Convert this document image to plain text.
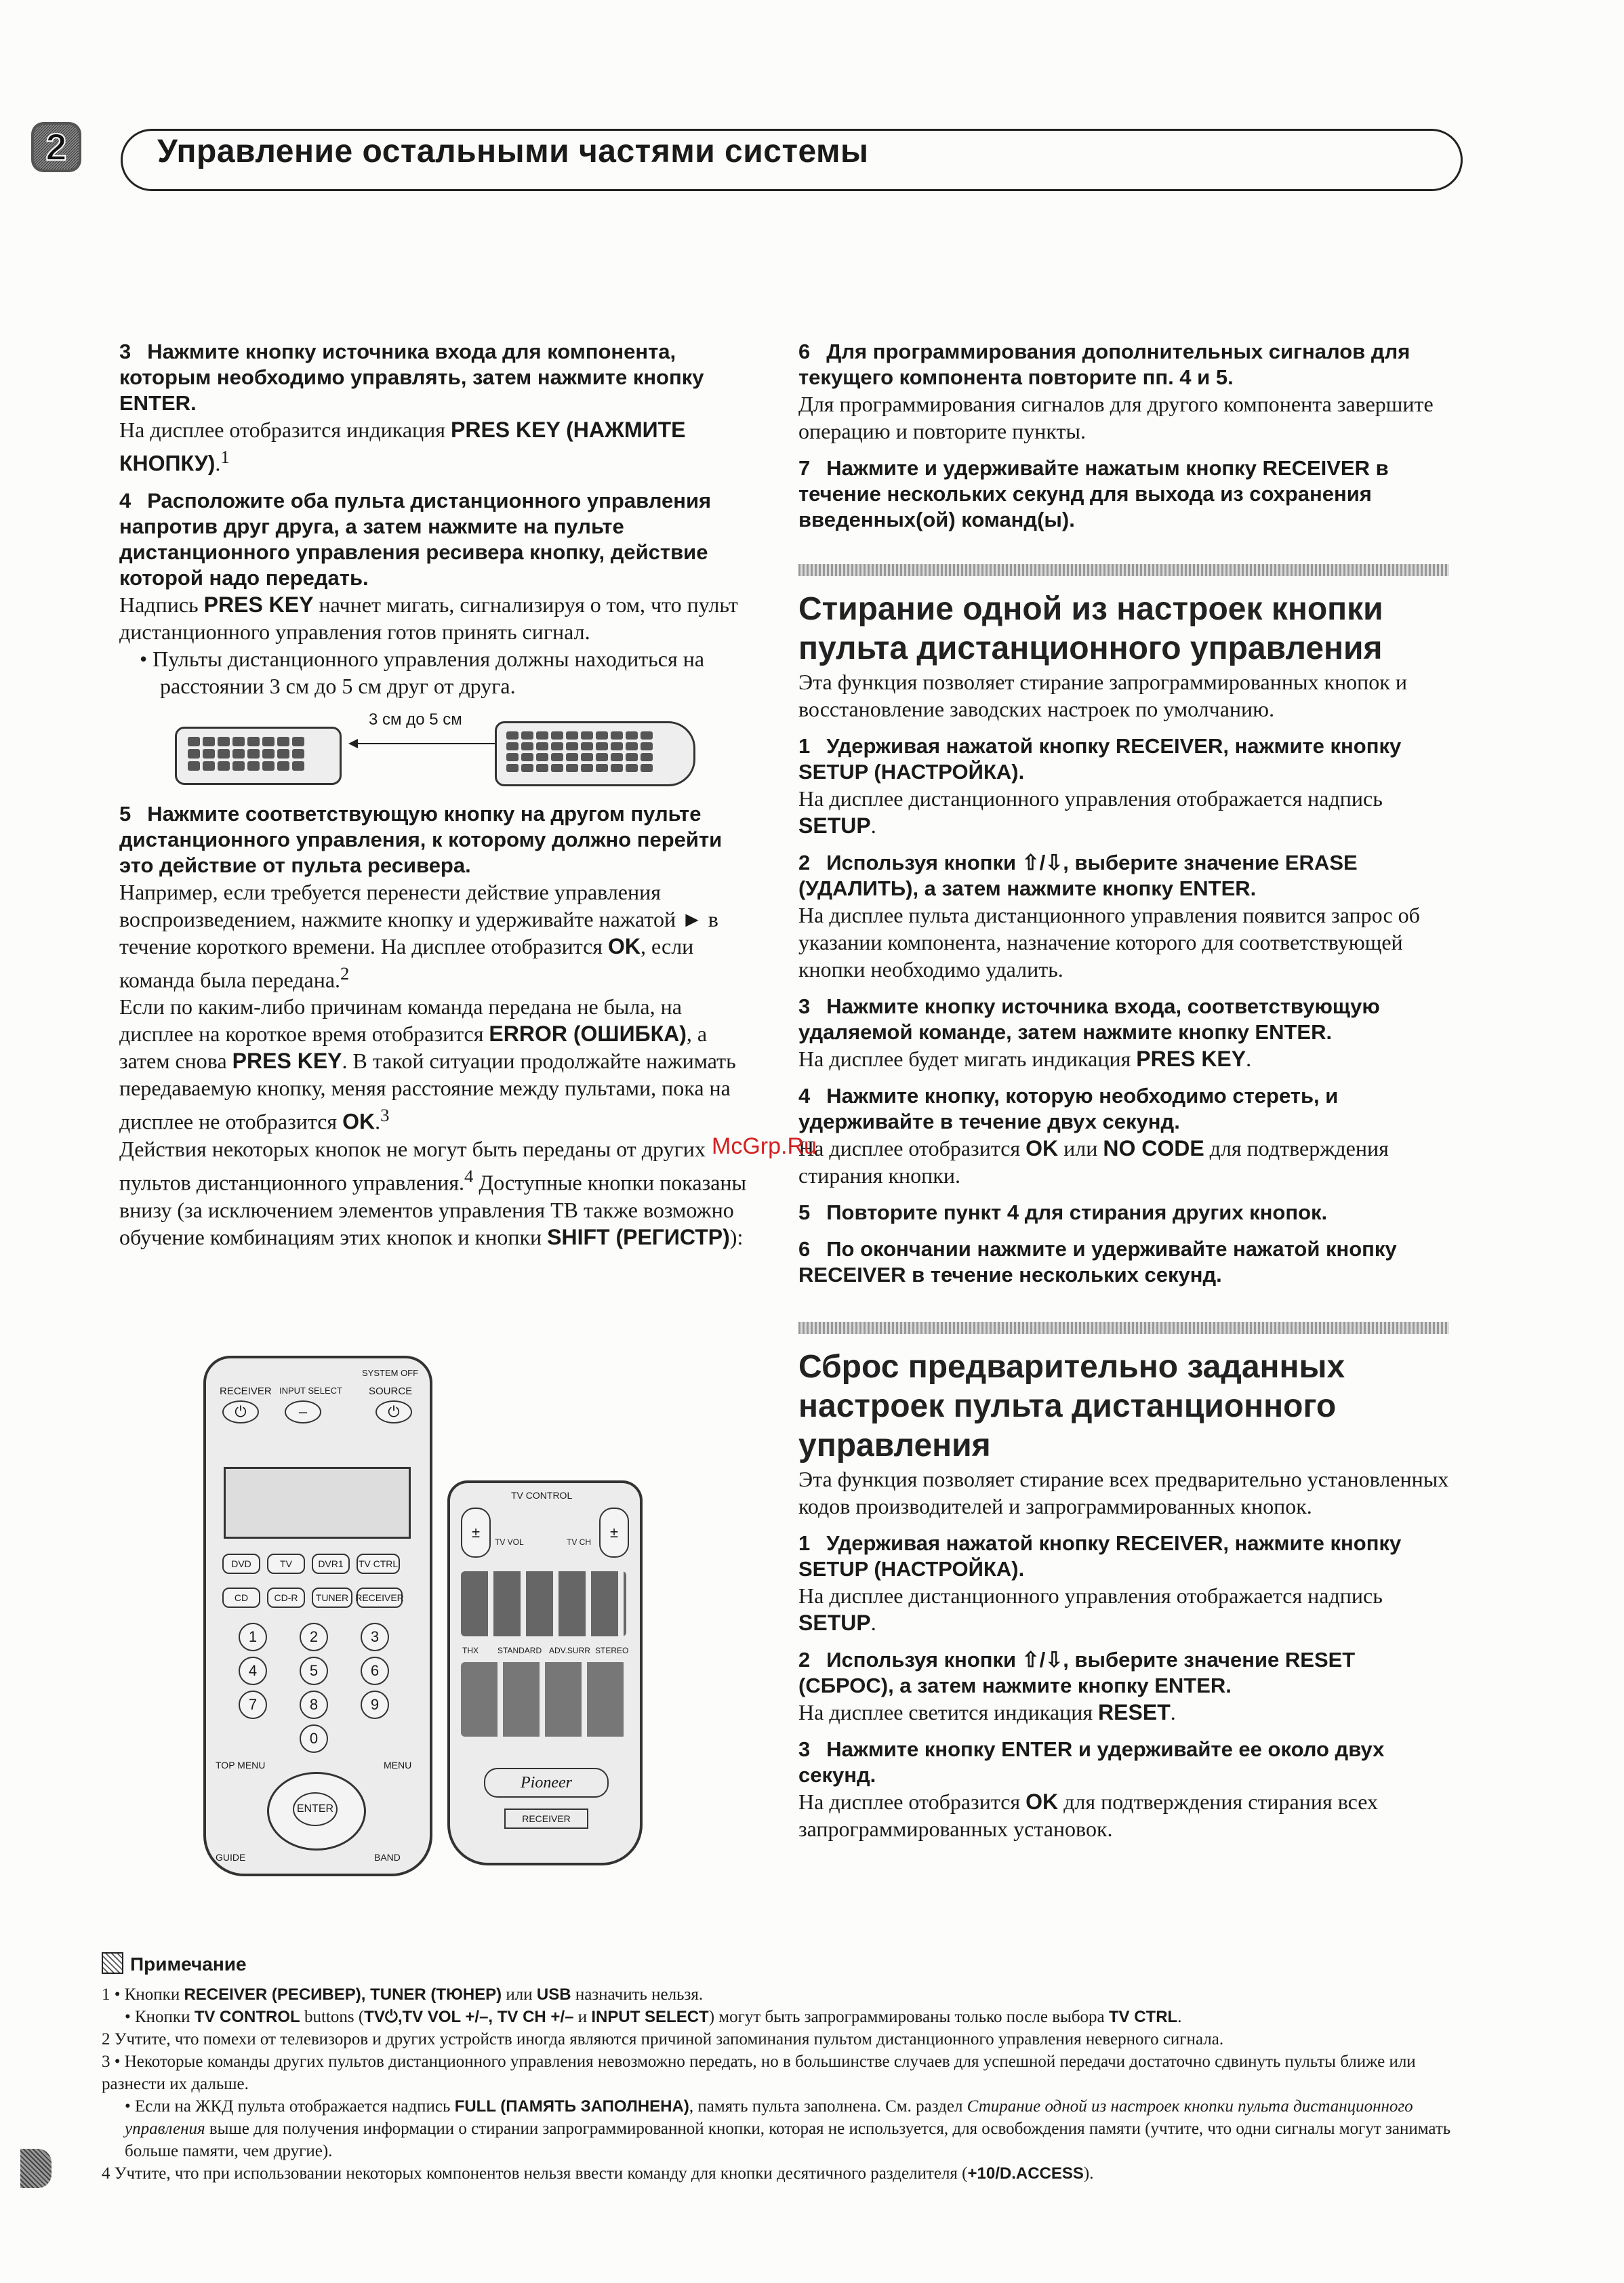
2	Управление остальными частями системы
3 Нажмите кнопку источника входа для компонента, которым необходимо управлять, затем нажмите кнопку ENTER.
На дисплее отобразится индикация PRES KEY (НАЖМИТЕ КНОПКУ).$^1$
4 Расположите оба пульта дистанционного управления напротив друг друга, а затем нажмите на пульте дистанционного управления ресивера кнопку, действие которой надо передать.
Надпись PRES KEY начнет мигать, сигнализируя о том, что пульт дистанционного управления готов принять сигнал.
• Пульты дистанционного управления должны находиться на расстоянии 3 см до 5 см друг от друга.
3 см до 5 см
5 Нажмите соответствующую кнопку на другом пульте дистанционного управления, к которому должно перейти это действие от пульта ресивера.
Например, если требуется перенести действие управления воспроизведением, нажмите кнопку и удерживайте нажатой ► в течение короткого времени. На дисплее отобразится OK, если команда была передана.$^2$
Если по каким-либо причинам команда передана не была, на дисплее на короткое время отобразится ERROR (ОШИБКА), а затем снова PRES KEY. В такой ситуации продолжайте нажимать передаваемую кнопку, меняя расстояние между пультами, пока на дисплее не отобразится OK.$^3$
Действия некоторых кнопок не могут быть переданы от других пультов дистанционного управления.$^4$ Доступные кнопки показаны внизу (за исключением элементов управления ТВ также возможно обучение комбинациям этих кнопок и кнопки SHIFT (РЕГИСТР)):
RECEIVER INPUT SELECT
SYSTEM OFF
SOURCE
⏻	–	⏻
DVD	TV	DVR1	TV CTRL
CD	CD-R	TUNER RECEIVER
1	2	3
4	5	6
7	8	9
0
TOP MENU	MENU
ENTER
GUIDE	BAND
TV CONTROL
±	±
TV VOL	TV CH
THX STANDARD ADV.SURR STEREO
Pioneer
RECEIVER
6 Для программирования дополнительных сигналов для текущего компонента повторите пп. 4 и 5.
Для программирования сигналов для другого компонента завершите операцию и повторите пункты.
7 Нажмите и удерживайте нажатым кнопку RECEIVER в течение нескольких секунд для выхода из сохранения введенных(ой) команд(ы).
Стирание одной из настроек кнопки пульта дистанционного управления
Эта функция позволяет стирание запрограммированных кнопок и восстановление заводских настроек по умолчанию.
1 Удерживая нажатой кнопку RECEIVER, нажмите кнопку SETUP (НАСТРОЙКА).
На дисплее дистанционного управления отображается надпись SETUP.
2 Используя кнопки ⇧/⇩, выберите значение ERASE (УДАЛИТЬ), а затем нажмите кнопку ENTER.
На дисплее пульта дистанционного управления появится запрос об указании компонента, назначение которого для соответствующей кнопки необходимо удалить.
3 Нажмите кнопку источника входа, соответствующую удаляемой команде, затем нажмите кнопку ENTER.
На дисплее будет мигать индикация PRES KEY.
4 Нажмите кнопку, которую необходимо стереть, и удерживайте в течение двух секунд.
На дисплее отобразится OK или NO CODE для подтверждения стирания кнопки.
5 Повторите пункт 4 для стирания других кнопок.
6 По окончании нажмите и удерживайте нажатой кнопку RECEIVER в течение нескольких секунд.
Сброс предварительно заданных настроек пульта дистанционного управления
Эта функция позволяет стирание всех предварительно установленных кодов производителей и запрограммированных кнопок.
1 Удерживая нажатой кнопку RECEIVER, нажмите кнопку SETUP (НАСТРОЙКА).
На дисплее дистанционного управления отображается надпись SETUP.
2 Используя кнопки ⇧/⇩, выберите значение RESET (СБРОС), а затем нажмите кнопку ENTER.
На дисплее светится индикация RESET.
3 Нажмите кнопку ENTER и удерживайте ее около двух секунд.
На дисплее отобразится OK для подтверждения стирания всех запрограммированных установок.
McGrp.Ru
Примечание
1 • Кнопки RECEIVER (РЕСИВЕР), TUNER (ТЮНЕР) или USB назначить нельзя.
• Кнопки TV CONTROL buttons (TV⏻,TV VOL +/–, TV CH +/– и INPUT SELECT) могут быть запрограммированы только после выбора TV CTRL.
2 Учтите, что помехи от телевизоров и других устройств иногда являются причиной запоминания пультом дистанционного управления неверного сигнала.
3 • Некоторые команды других пультов дистанционного управления невозможно передать, но в большинстве случаев для успешной передачи достаточно сдвинуть пульты ближе или разнести их дальше.
• Если на ЖКД пульта отображается надпись FULL (ПАМЯТЬ ЗАПОЛНЕНА), память пульта заполнена. См. раздел Стирание одной из настроек кнопки пульта дистанционного управления выше для получения информации о стирании запрограммированной кнопки, которая не используется, для освобождения памяти (учтите, что одни сигналы могут занимать больше памяти, чем другие).
4 Учтите, что при использовании некоторых компонентов нельзя ввести команду для кнопки десятичного разделителя (+10/D.ACCESS).
